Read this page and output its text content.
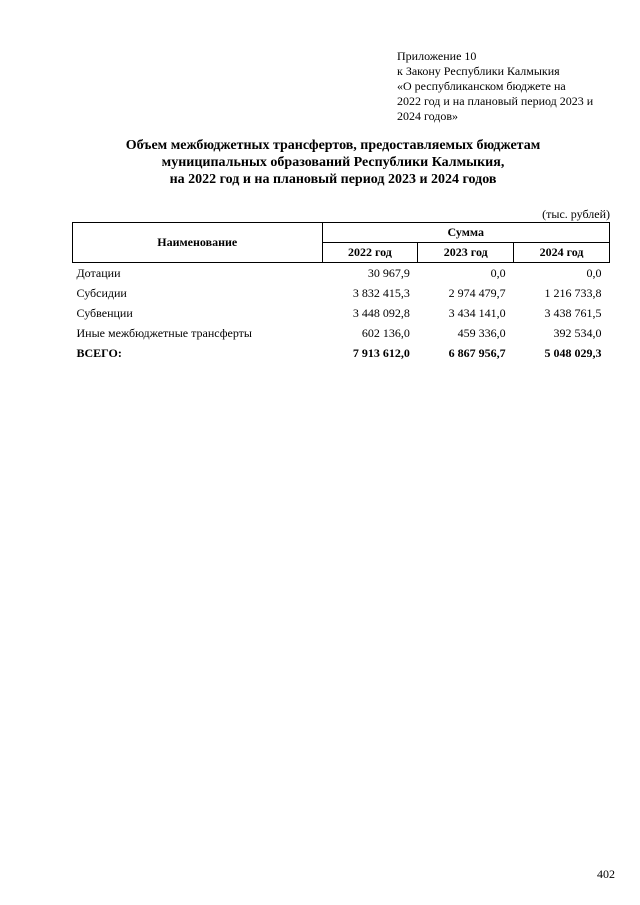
Приложение 10
к Закону Республики Калмыкия
«О республиканском бюджете на
2022 год и на плановый период 2023 и
2024 годов»
Объем межбюджетных трансфертов, предоставляемых бюджетам
муниципальных образований Республики Калмыкия,
на 2022 год и на плановый период 2023 и 2024 годов
(тыс. рублей)
Наименование	Сумма		
	2022 год	2023 год	2024 год
Дотации	30 967,9	0,0	0,0
Субсидии	3 832 415,3	2 974 479,7	1 216 733,8
Субвенции	3 448 092,8	3 434 141,0	3 438 761,5
Иные межбюджетные трансферты	602 136,0	459 336,0	392 534,0
ВСЕГО:	7 913 612,0	6 867 956,7	5 048 029,3
402
